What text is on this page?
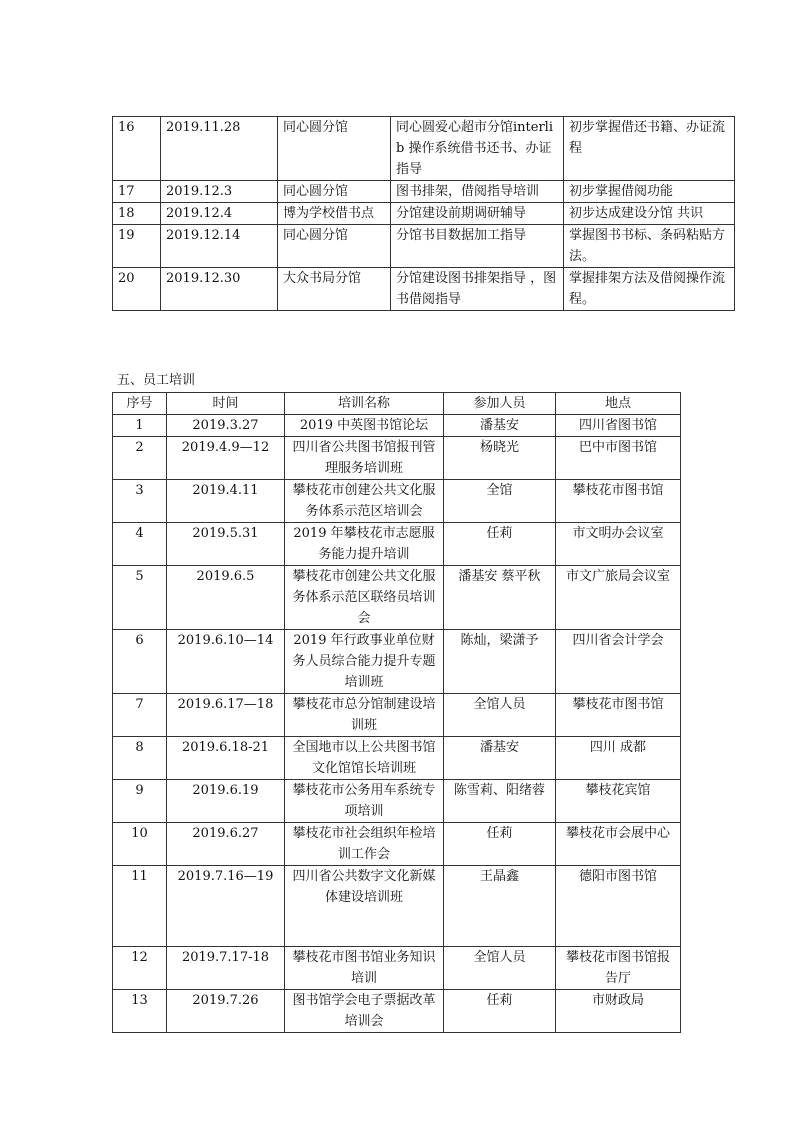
16	2019.11.28	同心圆分馆	同心圆爱心超市分馆interlib 操作系统借书还书、办证指导	初步掌握借还书籍、办证流程
17	2019.12.3	同心圆分馆	图书排架，借阅指导培训	初步掌握借阅功能
18	2019.12.4	博为学校借书点	分馆建设前期调研辅导	初步达成建设分馆 共识
19	2019.12.14	同心圆分馆	分馆书目数据加工指导	掌握图书书标、条码粘贴方法。
20	2019.12.30	大众书局分馆	分馆建设图书排架指导 ，图书借阅指导	掌握排架方法及借阅操作流程。
五、员工培训
序号	时间	培训名称	参加人员	地点
1	2019.3.27	2019 中英图书馆论坛	潘基安	四川省图书馆
2	2019.4.9—12	四川省公共图书馆报刊管理服务培训班	杨晓光	巴中市图书馆
3	2019.4.11	攀枝花市创建公共文化服务体系示范区培训会	全馆	攀枝花市图书馆
4	2019.5.31	2019 年攀枝花市志愿服务能力提升培训	任莉	市文明办会议室
5	2019.6.5	攀枝花市创建公共文化服务体系示范区联络员培训会	潘基安 蔡平秋	市文广旅局会议室
6	2019.6.10—14	2019 年行政事业单位财务人员综合能力提升专题培训班	陈灿，梁潇予	四川省会计学会
7	2019.6.17—18	攀枝花市总分馆制建设培训班	全馆人员	攀枝花市图书馆
8	2019.6.18-21	全国地市以上公共图书馆文化馆馆长培训班	潘基安	四川 成都
9	2019.6.19	攀枝花市公务用车系统专项培训	陈雪莉、阳绪蓉	攀枝花宾馆
10	2019.6.27	攀枝花市社会组织年检培训工作会	任莉	攀枝花市会展中心
11	2019.7.16—19	四川省公共数字文化新媒体建设培训班	王晶鑫	德阳市图书馆
12	2019.7.17-18	攀枝花市图书馆业务知识培训	全馆人员	攀枝花市图书馆报告厅
13	2019.7.26	图书馆学会电子票据改革培训会	任莉	市财政局
